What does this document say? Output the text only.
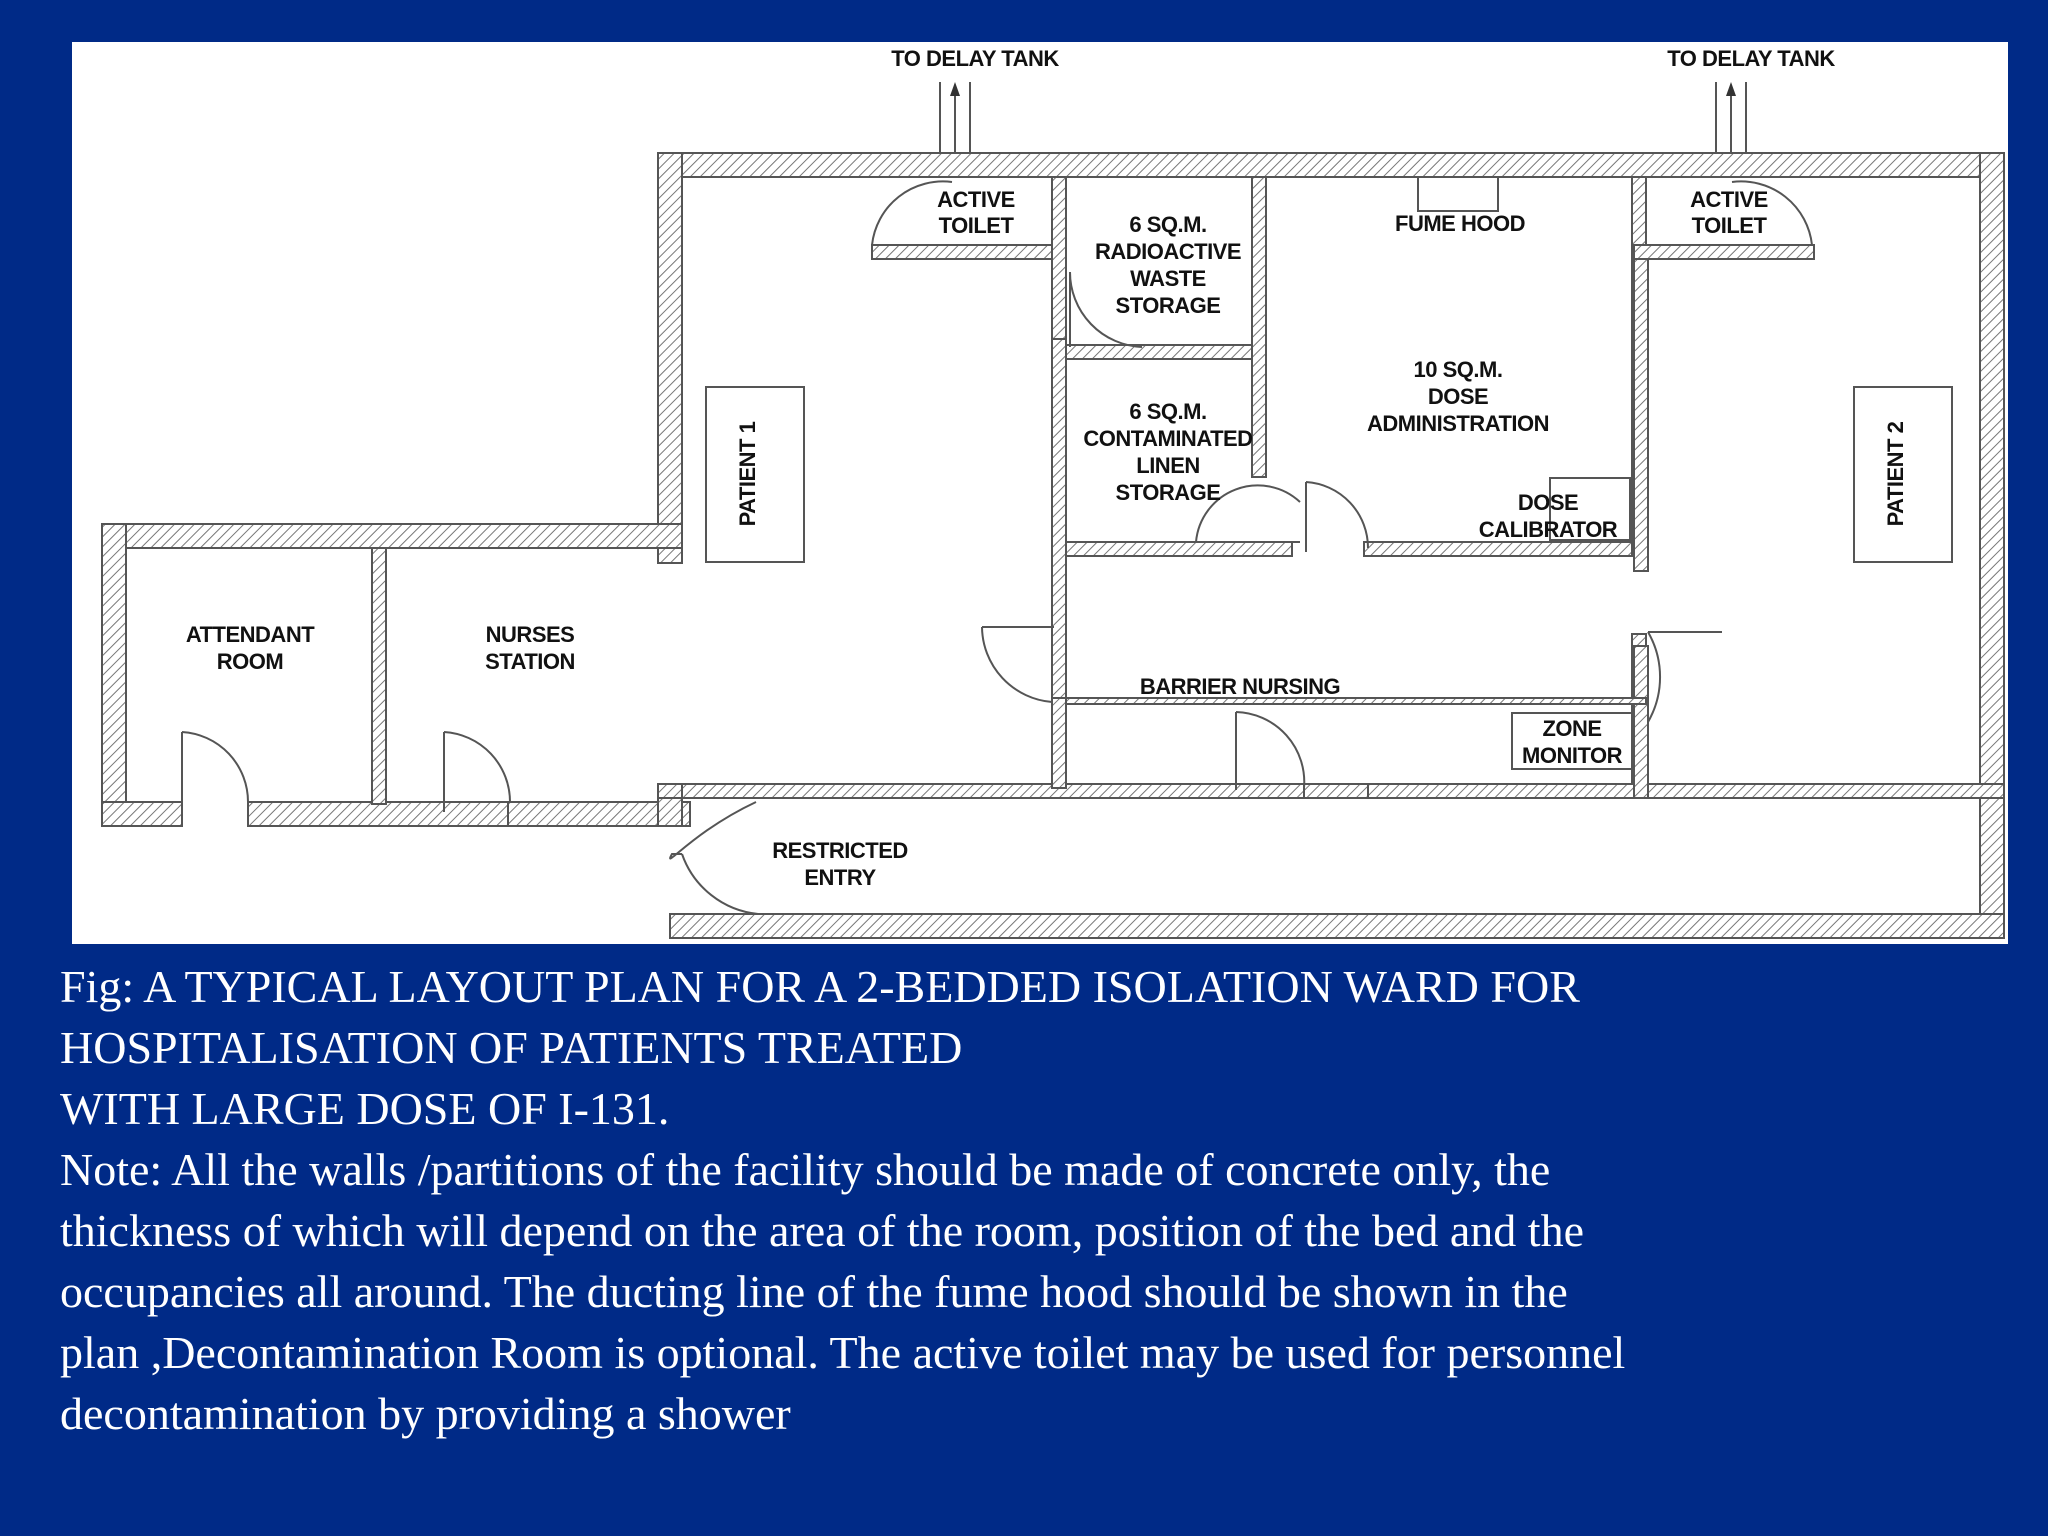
TO DELAY TANK	TO DELAY TANK
ACTIVE
TOILET
ACTIVE
TOILET
6 SQ.M.
RADIOACTIVE
WASTE
STORAGE
FUME HOOD
6 SQ.M.
CONTAMINATED
LINEN
STORAGE
10 SQ.M.
DOSE
ADMINISTRATION
DOSE
CALIBRATOR
PATIENT 1	PATIENT 2
ATTENDANT
ROOM
NURSES
STATION
BARRIER NURSING
ZONE
MONITOR
RESTRICTED
ENTRY
Fig: A TYPICAL LAYOUT PLAN FOR A 2-BEDDED ISOLATION WARD FOR
HOSPITALISATION OF PATIENTS TREATED
WITH LARGE DOSE OF I-131.
Note: All the walls /partitions of the facility should be made of concrete only, the
thickness of which will depend on the area of the room, position of the bed and the
occupancies all around. The ducting line of the fume hood should be shown in the
plan ,Decontamination Room is optional. The active toilet may be used for personnel
decontamination by providing a shower
